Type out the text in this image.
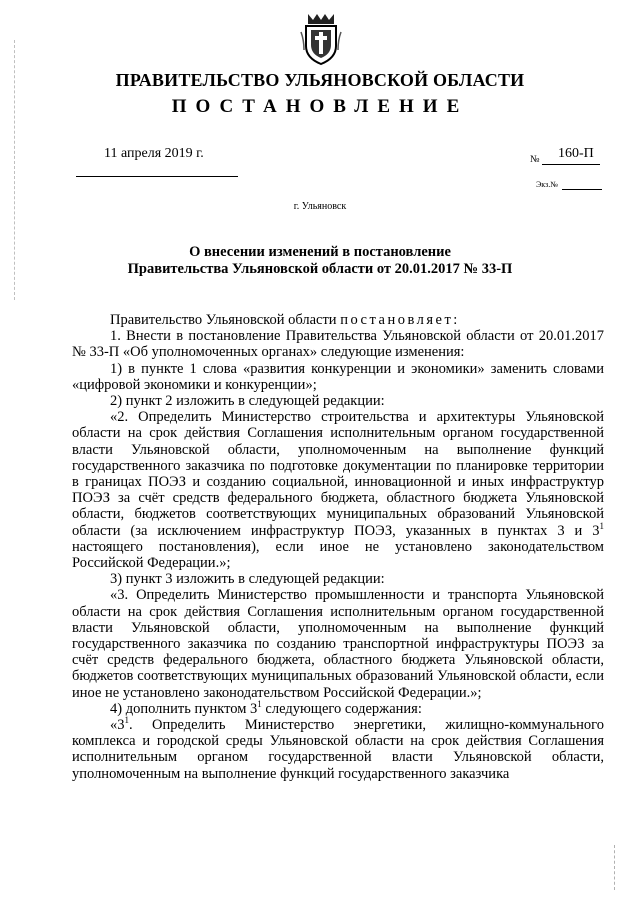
ПРАВИТЕЛЬСТВО УЛЬЯНОВСКОЙ ОБЛАСТИ
ПОСТАНОВЛЕНИЕ
11 апреля 2019 г.	№ 160-П
Экз.№
г. Ульяновск
О внесении изменений в постановление
Правительства Ульяновской области от 20.01.2017 № 33-П

Правительство Ульяновской области постановляет:

1. Внести в постановление Правительства Ульяновской области от 20.01.2017 № 33-П «Об уполномоченных органах» следующие изменения:

1) в пункте 1 слова «развития конкуренции и экономики» заменить словами «цифровой экономики и конкуренции»;

2) пункт 2 изложить в следующей редакции:

«2. Определить Министерство строительства и архитектуры Ульяновской области на срок действия Соглашения исполнительным органом государственной власти Ульяновской области, уполномоченным на выполнение функций государственного заказчика по подготовке документации по планировке территории в границах ПОЭЗ и созданию социальной, инновационной и иных инфраструктур ПОЭЗ за счёт средств федерального бюджета, областного бюджета Ульяновской области, бюджетов соответствующих муниципальных образований Ульяновской области (за исключением инфраструктур ПОЭЗ, указанных в пунктах 3 и $3^1$ настоящего постановления), если иное не установлено законодательством Российской Федерации.»;

3) пункт 3 изложить в следующей редакции:

«3. Определить Министерство промышленности и транспорта Ульяновской области на срок действия Соглашения исполнительным органом государственной власти Ульяновской области, уполномоченным на выполнение функций государственного заказчика по созданию транспортной инфраструктуры ПОЭЗ за счёт средств федерального бюджета, областного бюджета Ульяновской области, бюджетов соответствующих муниципальных образований Ульяновской области, если иное не установлено законодательством Российской Федерации.»;

4) дополнить пунктом $3^1$ следующего содержания:

«$3^1$. Определить Министерство энергетики, жилищно-коммунального комплекса и городской среды Ульяновской области на срок действия Соглашения исполнительным органом государственной власти Ульяновской области, уполномоченным на выполнение функций государственного заказчика
